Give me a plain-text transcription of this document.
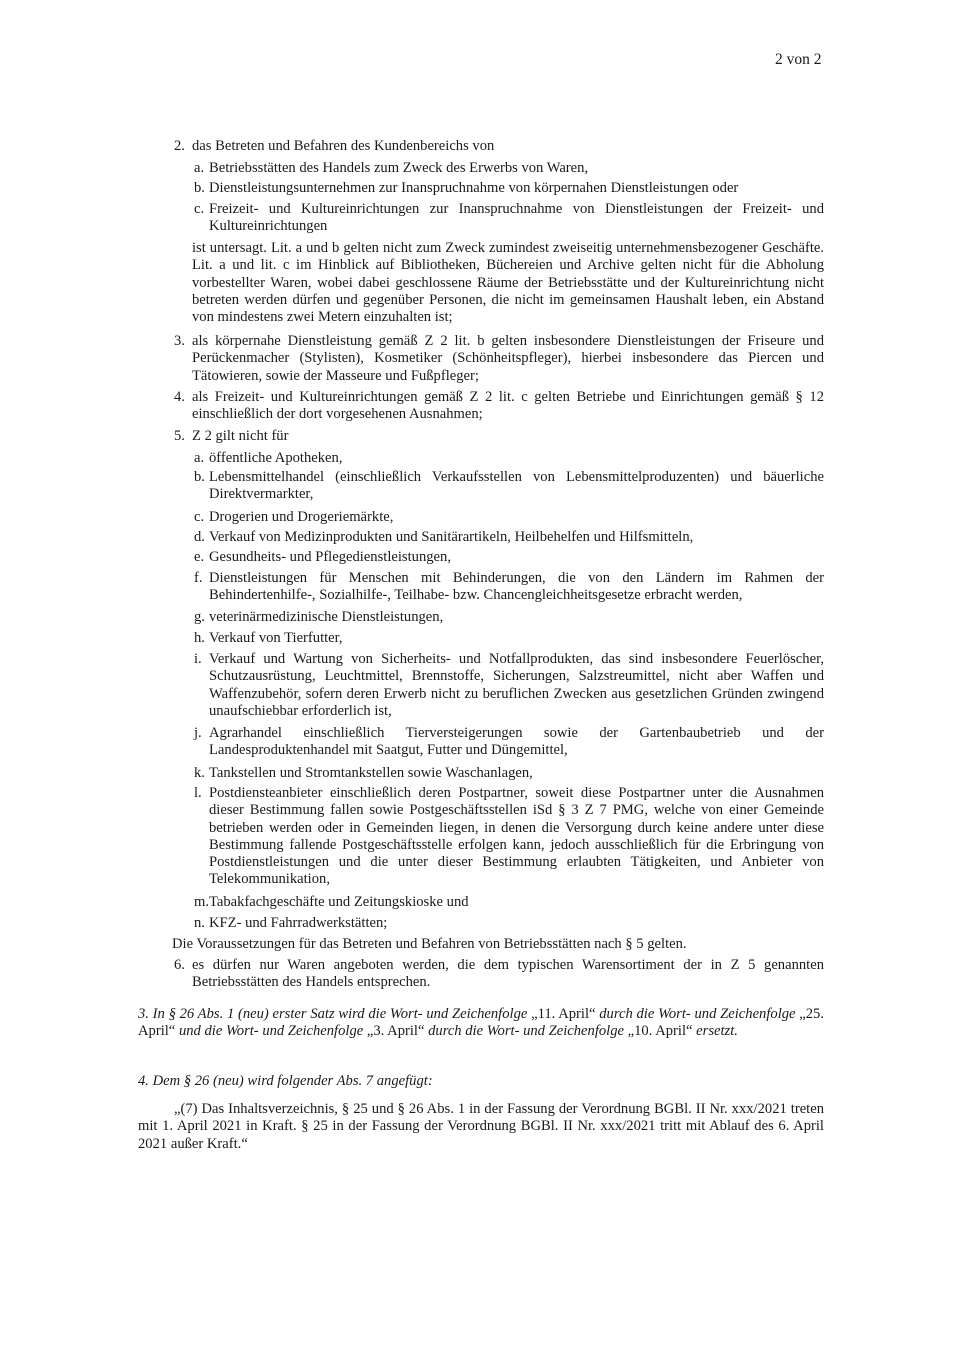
2 von 2
2. das Betreten und Befahren des Kundenbereichs von
a. Betriebsstätten des Handels zum Zweck des Erwerbs von Waren,
b. Dienstleistungsunternehmen zur Inanspruchnahme von körpernahen Dienstleistungen oder
c. Freizeit- und Kultureinrichtungen zur Inanspruchnahme von Dienstleistungen der Freizeit- und Kultureinrichtungen
ist untersagt. Lit. a und b gelten nicht zum Zweck zumindest zweiseitig unternehmensbezogener Geschäfte. Lit. a und lit. c im Hinblick auf Bibliotheken, Büchereien und Archive gelten nicht für die Abholung vorbestellter Waren, wobei dabei geschlossene Räume der Betriebsstätte und der Kultureinrichtung nicht betreten werden dürfen und gegenüber Personen, die nicht im gemeinsamen Haushalt leben, ein Abstand von mindestens zwei Metern einzuhalten ist;
3. als körpernahe Dienstleistung gemäß Z 2 lit. b gelten insbesondere Dienstleistungen der Friseure und Perückenmacher (Stylisten), Kosmetiker (Schönheitspfleger), hierbei insbesondere das Piercen und Tätowieren, sowie der Masseure und Fußpfleger;
4. als Freizeit- und Kultureinrichtungen gemäß Z 2 lit. c gelten Betriebe und Einrichtungen gemäß § 12 einschließlich der dort vorgesehenen Ausnahmen;
5. Z 2 gilt nicht für
a. öffentliche Apotheken,
b. Lebensmittelhandel (einschließlich Verkaufsstellen von Lebensmittelproduzenten) und bäuerliche Direktvermarkter,
c. Drogerien und Drogeriemärkte,
d. Verkauf von Medizinprodukten und Sanitärartikeln, Heilbehelfen und Hilfsmitteln,
e. Gesundheits- und Pflegedienstleistungen,
f. Dienstleistungen für Menschen mit Behinderungen, die von den Ländern im Rahmen der Behindertenhilfe-, Sozialhilfe-, Teilhabe- bzw. Chancengleichheitsgesetze erbracht werden,
g. veterinärmedizinische Dienstleistungen,
h. Verkauf von Tierfutter,
i. Verkauf und Wartung von Sicherheits- und Notfallprodukten, das sind insbesondere Feuerlöscher, Schutzausrüstung, Leuchtmittel, Brennstoffe, Sicherungen, Salzstreumittel, nicht aber Waffen und Waffenzubehör, sofern deren Erwerb nicht zu beruflichen Zwecken aus gesetzlichen Gründen zwingend unaufschiebbar erforderlich ist,
j. Agrarhandel einschließlich Tierversteigerungen sowie der Gartenbaubetrieb und der Landesproduktenhandel mit Saatgut, Futter und Düngemittel,
k. Tankstellen und Stromtankstellen sowie Waschanlagen,
l. Postdiensteanbieter einschließlich deren Postpartner, soweit diese Postpartner unter die Ausnahmen dieser Bestimmung fallen sowie Postgeschäftsstellen iSd § 3 Z 7 PMG, welche von einer Gemeinde betrieben werden oder in Gemeinden liegen, in denen die Versorgung durch keine andere unter diese Bestimmung fallende Postgeschäftsstelle erfolgen kann, jedoch ausschließlich für die Erbringung von Postdienstleistungen und die unter dieser Bestimmung erlaubten Tätigkeiten, und Anbieter von Telekommunikation,
m. Tabakfachgeschäfte und Zeitungskioske und
n. KFZ- und Fahrradwerkstätten;
Die Voraussetzungen für das Betreten und Befahren von Betriebsstätten nach § 5 gelten.
6. es dürfen nur Waren angeboten werden, die dem typischen Warensortiment der in Z 5 genannten Betriebsstätten des Handels entsprechen.
3. In § 26 Abs. 1 (neu) erster Satz wird die Wort- und Zeichenfolge „11. April“ durch die Wort- und Zeichenfolge „25. April“ und die Wort- und Zeichenfolge „3. April“ durch die Wort- und Zeichenfolge „10. April“ ersetzt.
4. Dem § 26 (neu) wird folgender Abs. 7 angefügt:
„(7) Das Inhaltsverzeichnis, § 25 und § 26 Abs. 1 in der Fassung der Verordnung BGBl. II Nr. xxx/2021 treten mit 1. April 2021 in Kraft. § 25 in der Fassung der Verordnung BGBl. II Nr. xxx/2021 tritt mit Ablauf des 6. April 2021 außer Kraft.“
